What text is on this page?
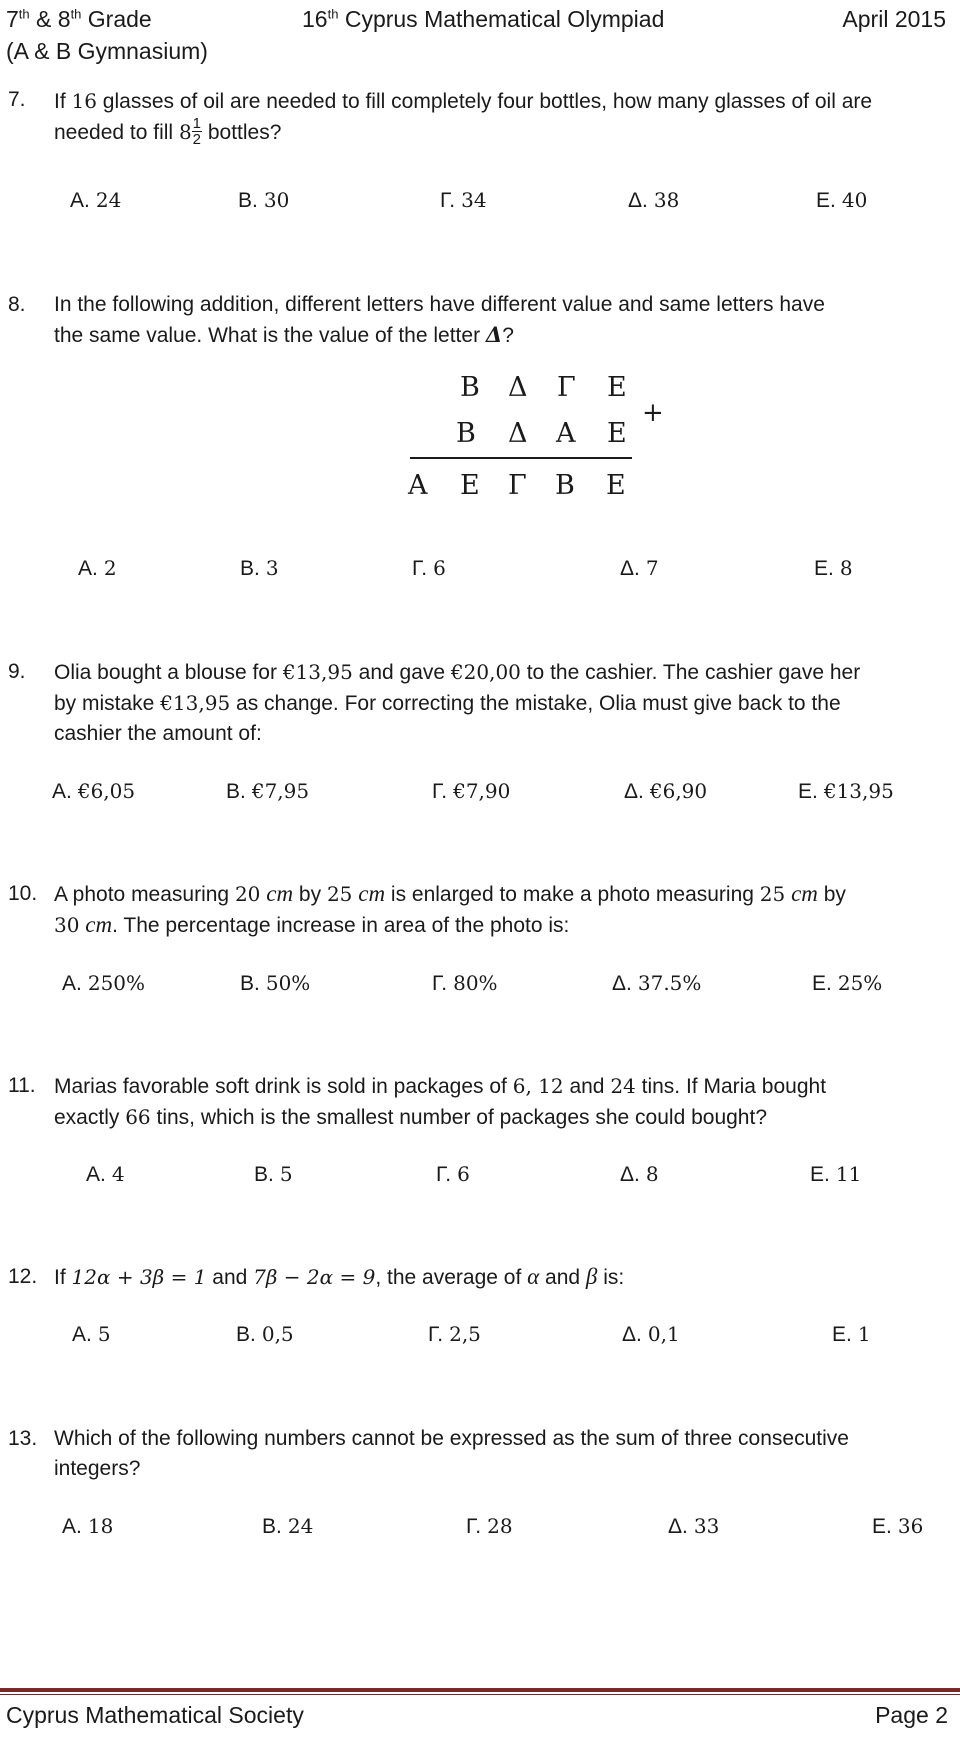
7th & 8th Grade
(A & B Gymnasium)
16th Cyprus Mathematical Olympiad	April 2015
7. If 16 glasses of oil are needed to fill completely four bottles, how many glasses of oil are
needed to fill $8 \frac{1}{2}$ bottles?
A. 24	B. 30	Γ. 34	Δ. 38	E. 40
8. In the following addition, different letters have different value and same letters have
the same value. What is the value of the letter Δ?
B Δ Γ E
B Δ A E
+
A E Γ B E
A. 2	B. 3	Γ. 6	Δ. 7	E. 8
9. Olia bought a blouse for €13,95 and gave €20,00 to the cashier. The cashier gave her
by mistake €13,95 as change. For correcting the mistake, Olia must give back to the
cashier the amount of:
A. €6,05	B. €7,95	Γ. €7,90	Δ. €6,90	E. €13,95
10. A photo measuring 20 cm by 25 cm is enlarged to make a photo measuring 25 cm by
30 cm. The percentage increase in area of the photo is:
A. 250%	B. 50%	Γ. 80%	Δ. 37.5%	E. 25%
11. Marias favorable soft drink is sold in packages of 6, 12 and 24 tins. If Maria bought
exactly 66 tins, which is the smallest number of packages she could bought?
A. 4	B. 5	Γ. 6	Δ. 8	E. 11
12. If 12α + 3β = 1 and 7β − 2α = 9, the average of α and β is:
A. 5	B. 0,5	Γ. 2,5	Δ. 0,1	E. 1
13. Which of the following numbers cannot be expressed as the sum of three consecutive
integers?
A. 18	B. 24	Γ. 28	Δ. 33	E. 36
Cyprus Mathematical Society	Page 2
